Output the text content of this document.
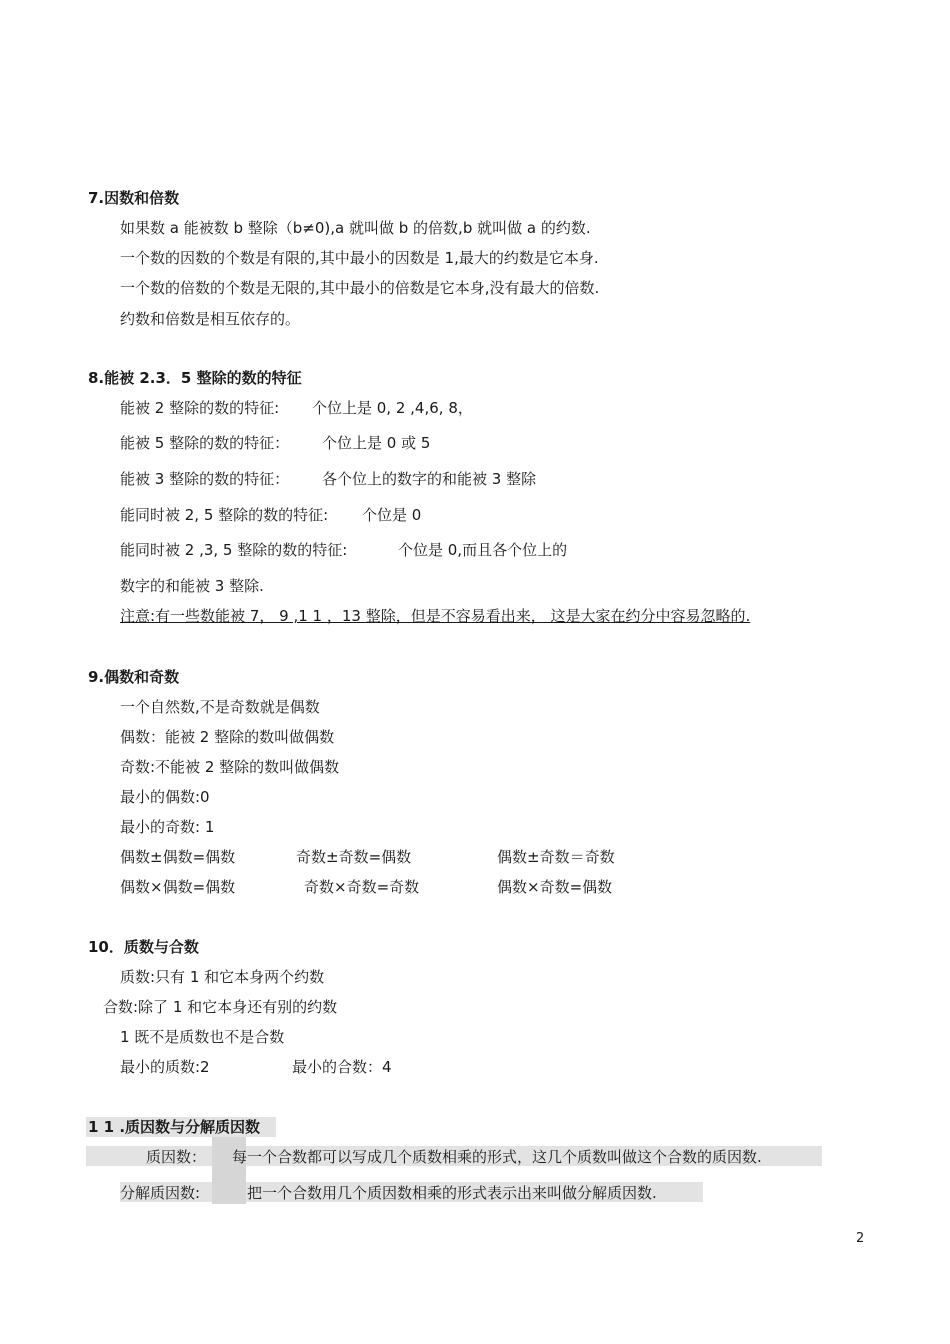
7.因数和倍数
如果数 a 能被数 b 整除（b≠0),a 就叫做 b 的倍数,b 就叫做 a 的约数.
一个数的因数的个数是有限的,其中最小的因数是 1,最大的约数是它本身.
一个数的倍数的个数是无限的,其中最小的倍数是它本身,没有最大的倍数.
约数和倍数是相互依存的。
8.能被 2.3．5 整除的数的特征
能被 2 整除的数的特征: 个位上是 0, 2 ,4,6, 8，
能被 5 整除的数的特征： 个位上是 0 或 5
能被 3 整除的数的特征： 各个位上的数字的和能被 3 整除
能同时被 2, 5 整除的数的特征: 个位是 0
能同时被 2 ,3, 5 整除的数的特征:	个位是 0,而且各个位上的
数字的和能被 3 整除.
注意:有一些数能被 7， 9 ,1 1 ，13 整除，但是不容易看出来， 这是大家在约分中容易忽略的.
9.偶数和奇数
一个自然数,不是奇数就是偶数
偶数：能被 2 整除的数叫做偶数
奇数:不能被 2 整除的数叫做偶数
最小的偶数:0
最小的奇数: 1
偶数±偶数=偶数	奇数±奇数=偶数	偶数±奇数＝奇数
偶数×偶数=偶数	奇数×奇数=奇数	偶数×奇数=偶数
10．质数与合数
质数:只有 1 和它本身两个约数
合数:除了 1 和它本身还有别的约数
1 既不是质数也不是合数
最小的质数:2	最小的合数：4
1 1 .质因数与分解质因数
质因数： 每一个合数都可以写成几个质数相乘的形式，这几个质数叫做这个合数的质因数.
分解质因数:	把一个合数用几个质因数相乘的形式表示出来叫做分解质因数.
2
